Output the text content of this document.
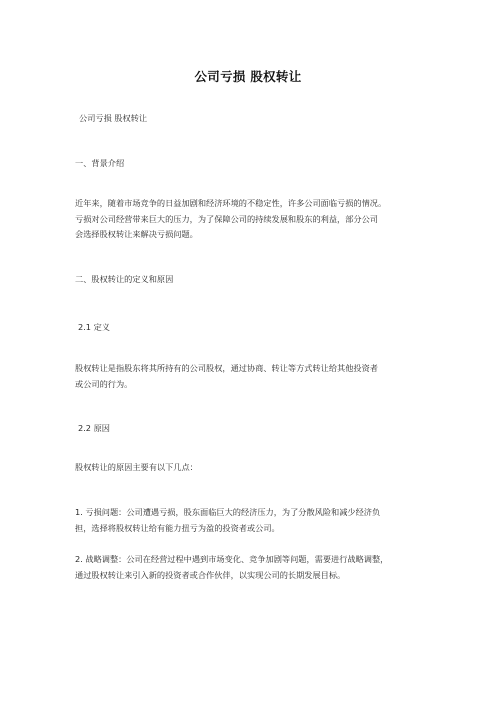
公司亏损 股权转让
公司亏损 股权转让
一、背景介绍
近年来，随着市场竞争的日益加剧和经济环境的不稳定性，许多公司面临亏损的情况。
亏损对公司经营带来巨大的压力，为了保障公司的持续发展和股东的利益，部分公司
会选择股权转让来解决亏损问题。
二、股权转让的定义和原因
2.1 定义
股权转让是指股东将其所持有的公司股权，通过协商、转让等方式转让给其他投资者
或公司的行为。
2.2 原因
股权转让的原因主要有以下几点：
1. 亏损问题：公司遭遇亏损，股东面临巨大的经济压力，为了分散风险和减少经济负
担，选择将股权转让给有能力扭亏为盈的投资者或公司。
2. 战略调整：公司在经营过程中遇到市场变化、竞争加剧等问题，需要进行战略调整，
通过股权转让来引入新的投资者或合作伙伴，以实现公司的长期发展目标。
